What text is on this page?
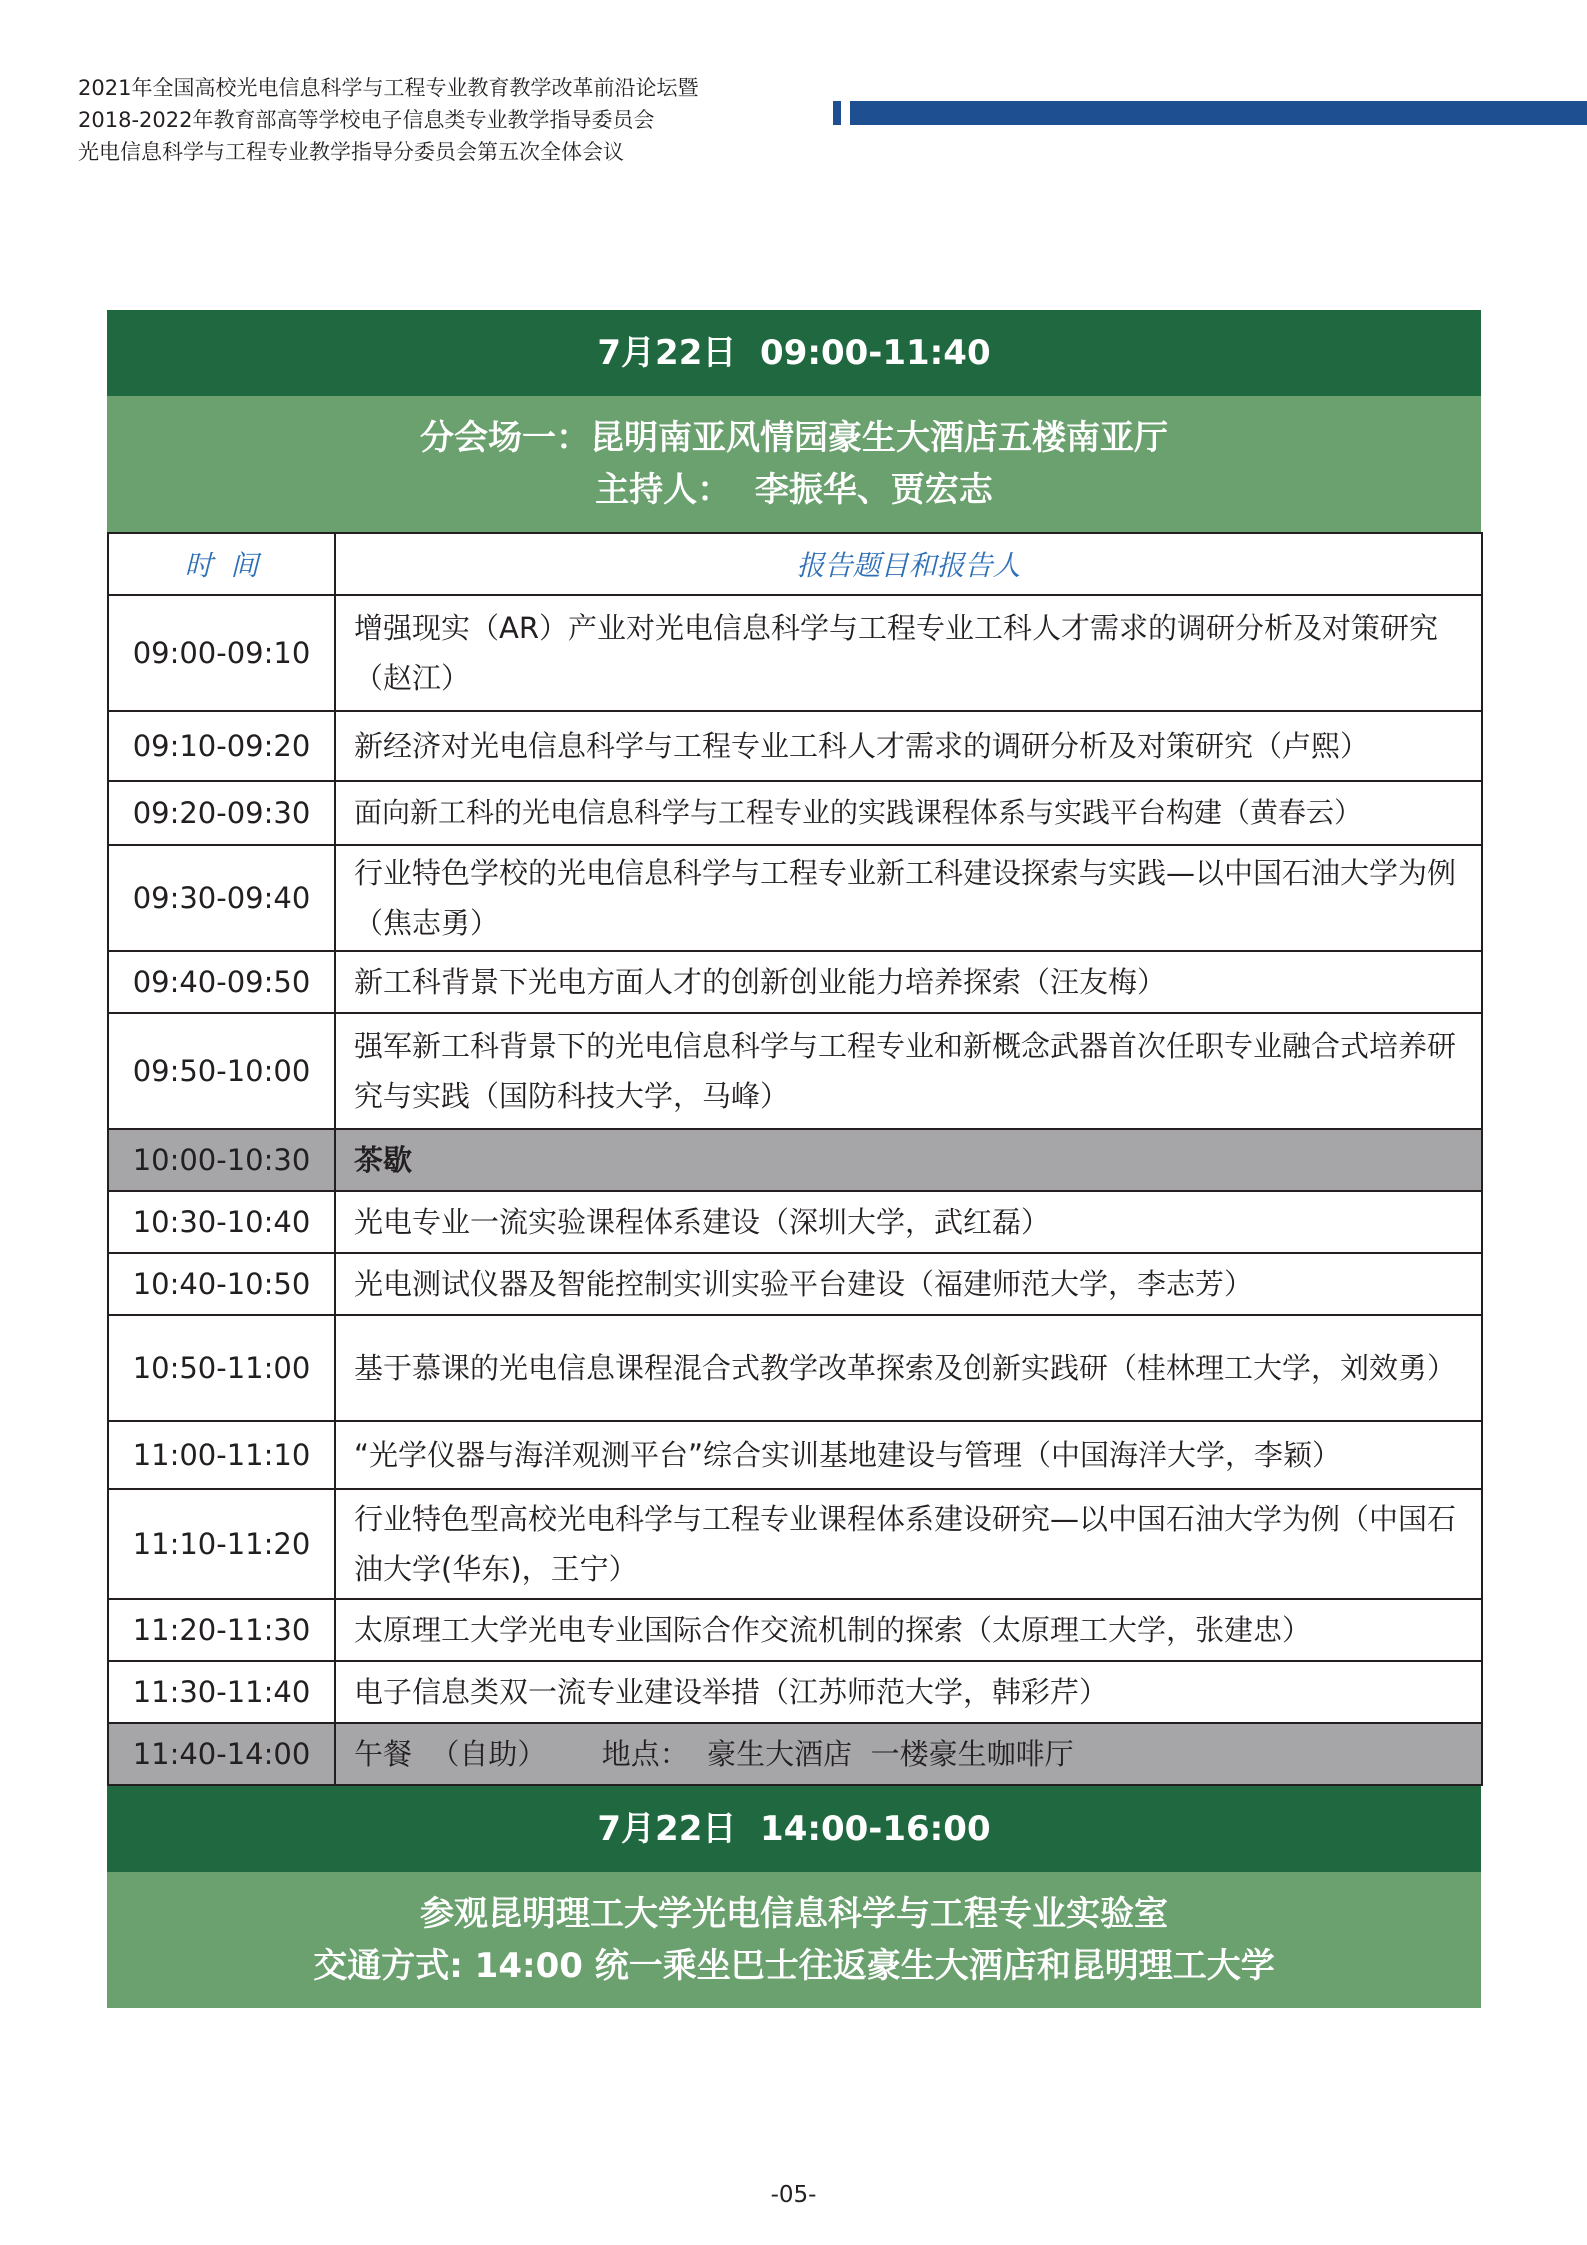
2021年全国高校光电信息科学与工程专业教育教学改革前沿论坛暨
2018-2022年教育部高等学校电子信息类专业教学指导委员会
光电信息科学与工程专业教学指导分委员会第五次全体会议
7月22日  09:00-11:40
分会场一：昆明南亚风情园豪生大酒店五楼南亚厅
主持人：  李振华、贾宏志
时  间	报告题目和报告人
09:00-09:10	增强现实（AR）产业对光电信息科学与工程专业工科人才需求的调研分析及对策研究（赵江）
09:10-09:20	新经济对光电信息科学与工程专业工科人才需求的调研分析及对策研究（卢熙）
09:20-09:30	面向新工科的光电信息科学与工程专业的实践课程体系与实践平台构建（黄春云）
09:30-09:40	行业特色学校的光电信息科学与工程专业新工科建设探索与实践—以中国石油大学为例（焦志勇）
09:40-09:50	新工科背景下光电方面人才的创新创业能力培养探索（汪友梅）
09:50-10:00	强军新工科背景下的光电信息科学与工程专业和新概念武器首次任职专业融合式培养研究与实践（国防科技大学，马峰）
10:00-10:30	茶歇
10:30-10:40	光电专业一流实验课程体系建设（深圳大学，武红磊）
10:40-10:50	光电测试仪器及智能控制实训实验平台建设（福建师范大学，李志芳）
10:50-11:00	基于慕课的光电信息课程混合式教学改革探索及创新实践研（桂林理工大学，刘效勇）
11:00-11:10	“光学仪器与海洋观测平台”综合实训基地建设与管理（中国海洋大学，李颖）
11:10-11:20	行业特色型高校光电科学与工程专业课程体系建设研究—以中国石油大学为例（中国石油大学(华东)，王宁）
11:20-11:30	太原理工大学光电专业国际合作交流机制的探索（太原理工大学，张建忠）
11:30-11:40	电子信息类双一流专业建设举措（江苏师范大学，韩彩芹）
11:40-14:00	午餐  （自助）      地点：  豪生大酒店  一楼豪生咖啡厅
7月22日  14:00-16:00
参观昆明理工大学光电信息科学与工程专业实验室
交通方式: 14:00 统一乘坐巴士往返豪生大酒店和昆明理工大学
-05-
